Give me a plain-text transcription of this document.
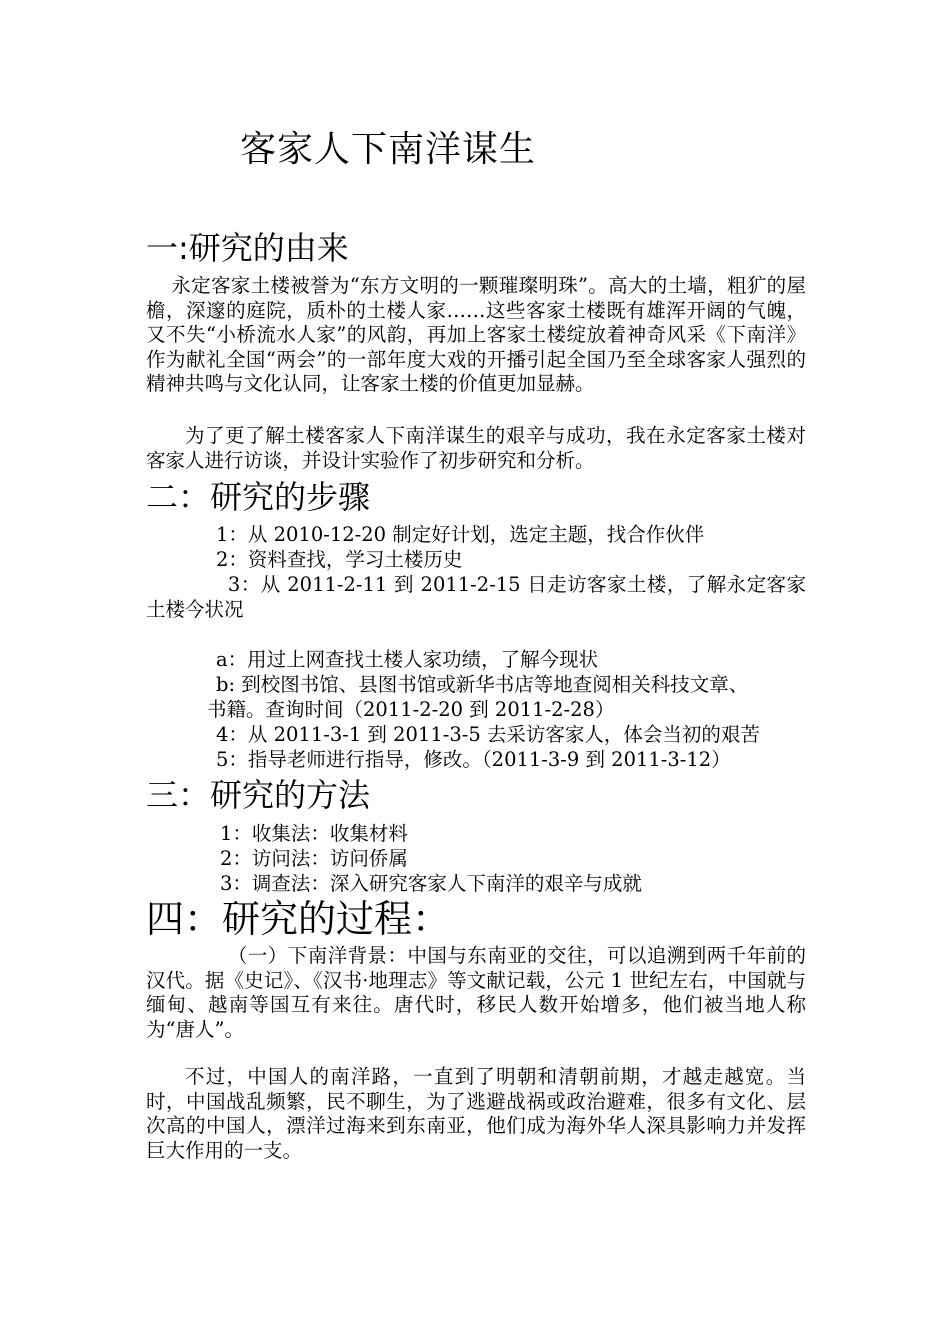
客家人下南洋谋生
一:研究的由来
永定客家土楼被誉为“东方文明的一颗璀璨明珠”。高大的土墙，粗犷的屋檐，深邃的庭院，质朴的土楼人家……这些客家土楼既有雄浑开阔的气魄，又不失“小桥流水人家”的风韵，再加上客家土楼绽放着神奇风采《下南洋》作为献礼全国“两会”的一部年度大戏的开播引起全国乃至全球客家人强烈的精神共鸣与文化认同，让客家土楼的价值更加显赫。
为了更了解土楼客家人下南洋谋生的艰辛与成功，我在永定客家土楼对客家人进行访谈，并设计实验作了初步研究和分析。
二：研究的步骤
1：从 2010-12-20 制定好计划，选定主题，找合作伙伴
2：资料查找，学习土楼历史
3：从 2011-2-11 到 2011-2-15 日走访客家土楼，了解永定客家土楼今状况
a：用过上网查找土楼人家功绩，了解今现状
b: 到校图书馆、县图书馆或新华书店等地查阅相关科技文章、
书籍。查询时间（2011-2-20 到 2011-2-28）
4：从 2011-3-1 到 2011-3-5 去采访客家人，体会当初的艰苦
5：指导老师进行指导，修改。（2011-3-9 到 2011-3-12）
三：研究的方法
1：收集法：收集材料
2：访问法：访问侨属
3：调查法：深入研究客家人下南洋的艰辛与成就
四：研究的过程：
（一）下南洋背景：中国与东南亚的交往，可以追溯到两千年前的汉代。据《史记》、《汉书·地理志》等文献记载，公元 1 世纪左右，中国就与缅甸、越南等国互有来往。唐代时，移民人数开始增多，他们被当地人称为“唐人”。
不过，中国人的南洋路，一直到了明朝和清朝前期，才越走越宽。当时，中国战乱频繁，民不聊生，为了逃避战祸或政治避难，很多有文化、层次高的中国人，漂洋过海来到东南亚，他们成为海外华人深具影响力并发挥巨大作用的一支。
